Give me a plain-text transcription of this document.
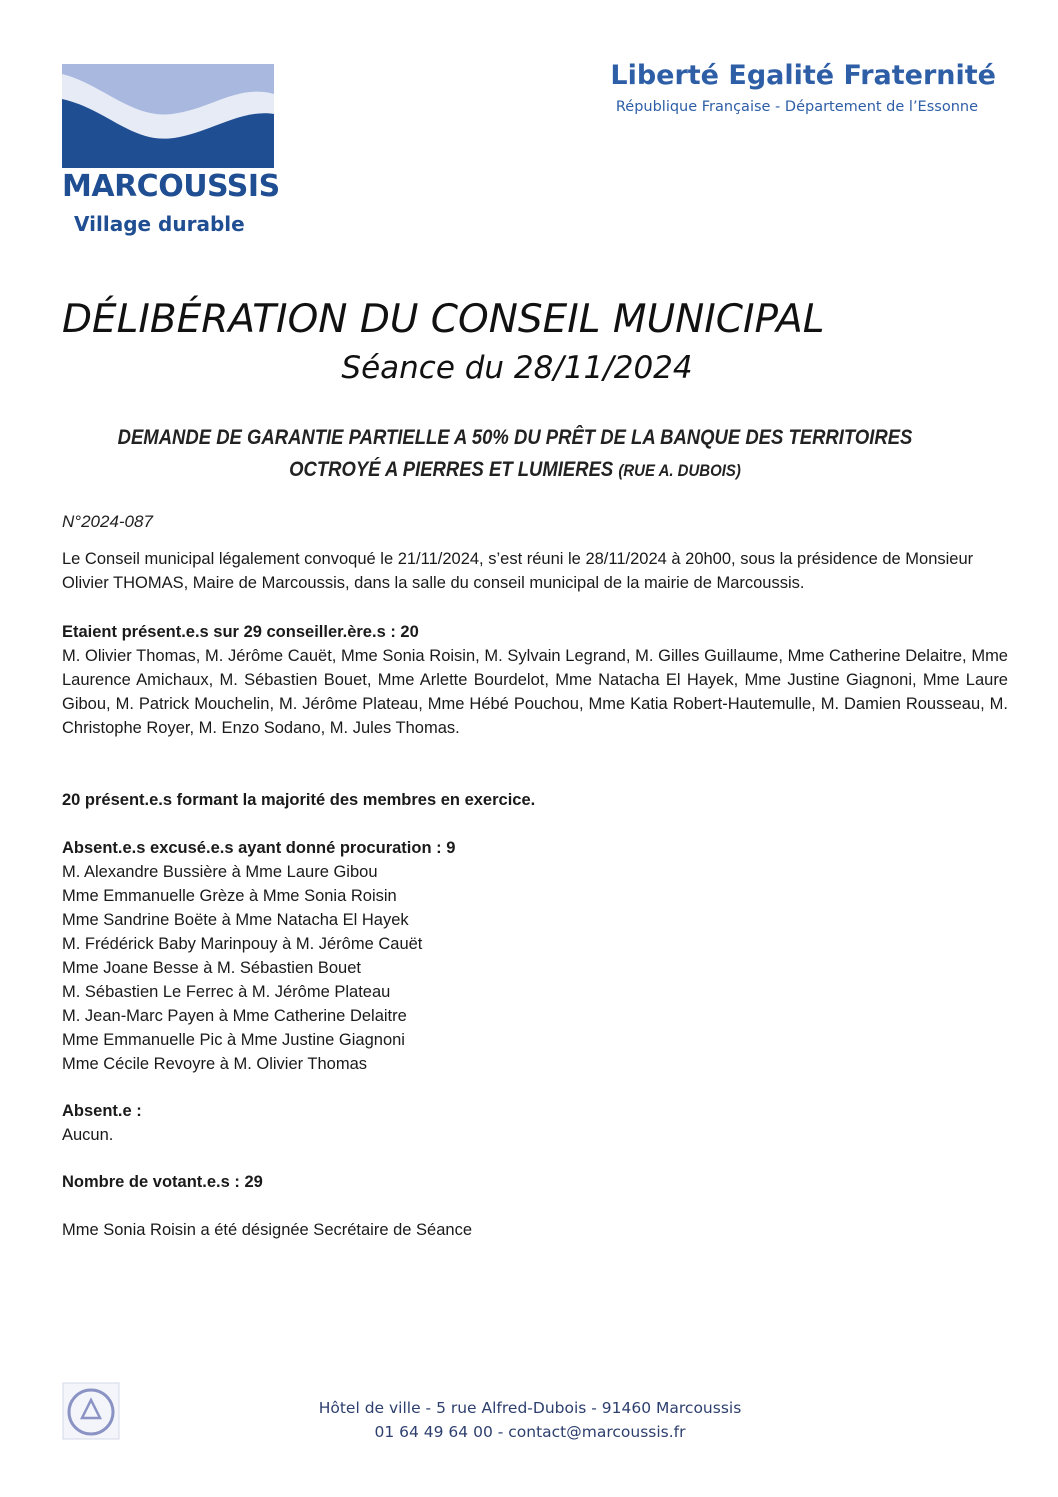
MARCOUSSIS
Village durable
Liberté Egalité Fraternité
République Française - Département de l’Essonne
DÉLIBÉRATION DU CONSEIL MUNICIPAL
Séance du 28/11/2024
DEMANDE DE GARANTIE PARTIELLE A 50% DU PRÊT DE LA BANQUE DES TERRITOIRES
OCTROYÉ A PIERRES ET LUMIERES (RUE A. DUBOIS)
N°2024-087
Le Conseil municipal légalement convoqué le 21/11/2024, s’est réuni le 28/11/2024 à 20h00, sous la présidence de Monsieur Olivier THOMAS, Maire de Marcoussis, dans la salle du conseil municipal de la mairie de Marcoussis.
Etaient présent.e.s sur 29 conseiller.ère.s : 20
M. Olivier Thomas, M. Jérôme Cauët, Mme Sonia Roisin, M. Sylvain Legrand, M. Gilles Guillaume, Mme Catherine Delaitre, Mme Laurence Amichaux, M. Sébastien Bouet, Mme Arlette Bourdelot, Mme Natacha El Hayek, Mme Justine Giagnoni, Mme Laure Gibou, M. Patrick Mouchelin, M. Jérôme Plateau, Mme Hébé Pouchou, Mme Katia Robert-Hautemulle, M. Damien Rousseau, M. Christophe Royer, M. Enzo Sodano, M. Jules Thomas.
20 présent.e.s formant la majorité des membres en exercice.
Absent.e.s excusé.e.s ayant donné procuration : 9
M. Alexandre Bussière à Mme Laure Gibou
Mme Emmanuelle Grèze à Mme Sonia Roisin
Mme Sandrine Boëte à Mme Natacha El Hayek
M. Frédérick Baby Marinpouy à M. Jérôme Cauët
Mme Joane Besse à M. Sébastien Bouet
M. Sébastien Le Ferrec à M. Jérôme Plateau
M. Jean-Marc Payen à Mme Catherine Delaitre
Mme Emmanuelle Pic à Mme Justine Giagnoni
Mme Cécile Revoyre à M. Olivier Thomas
Absent.e :
Aucun.
Nombre de votant.e.s : 29
Mme Sonia Roisin a été désignée Secrétaire de Séance
Hôtel de ville - 5 rue Alfred-Dubois - 91460 Marcoussis
01 64 49 64 00 - contact@marcoussis.fr
